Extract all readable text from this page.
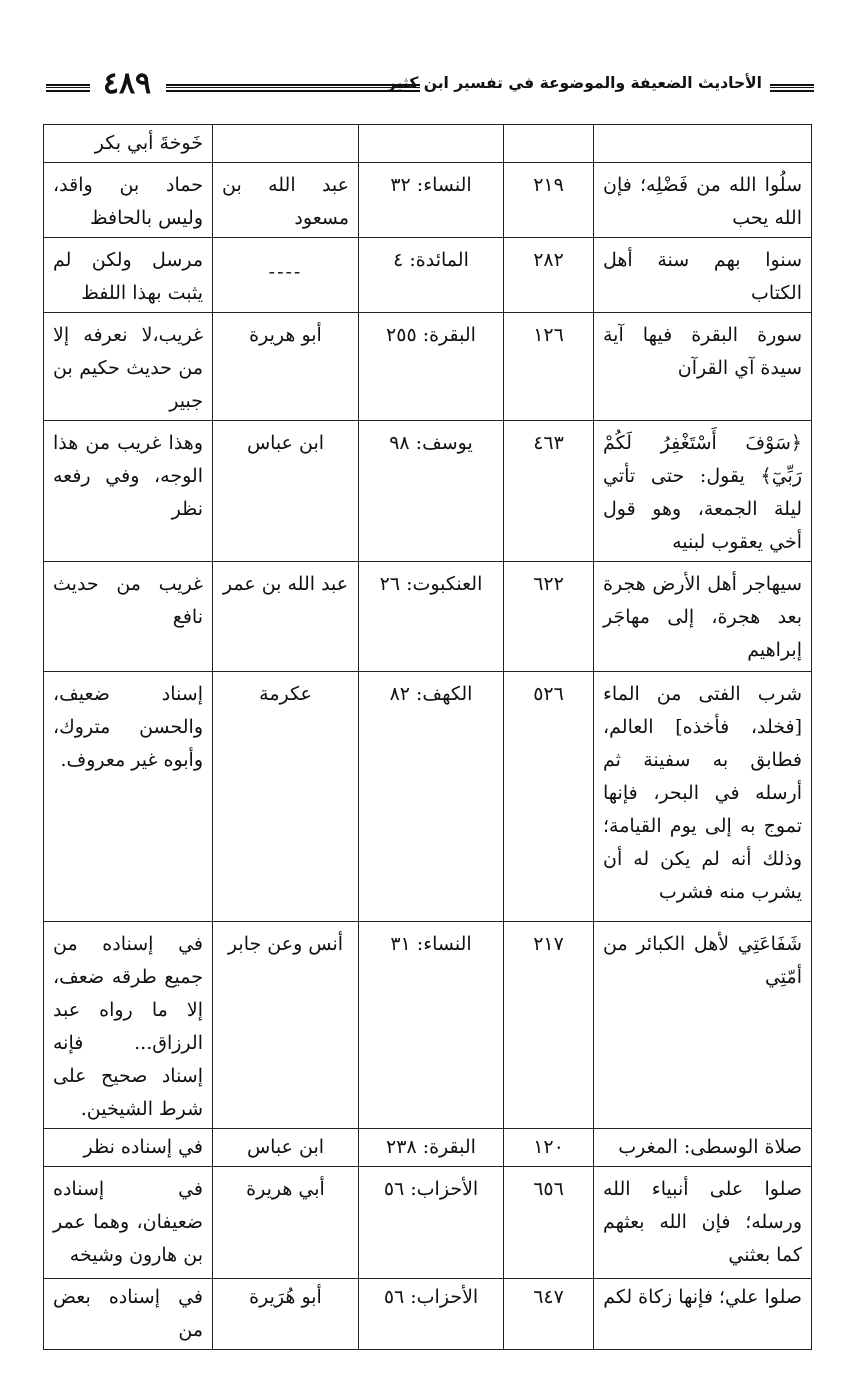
الأحاديث الضعيفة والموضوعة في تفسير ابن كثير
٤٨٩
				خَوخةَ أبي بكر
سلُوا الله من فَضْلِه؛ فإن الله يحب	٢١٩	النساء: ٣٢	عبد الله بن مسعود	حماد بن واقد، وليس بالحافظ
سنوا بهم سنة أهل الكتاب	٢٨٢	المائدة: ٤	----	مرسل ولكن لم يثبت بهذا اللفظ
سورة البقرة فيها آية سيدة آي القرآن	١٢٦	البقرة: ٢٥٥	أبو هريرة	غريب،لا نعرفه إلا من حديث حكيم بن جبير
﴿سَوْفَ أَسْتَغْفِرُ لَكُمْ رَبِّيٓ﴾ يقول: حتى تأتي ليلة الجمعة، وهو قول أخي يعقوب لبنيه	٤٦٣	يوسف: ٩٨	ابن عباس	وهذا غريب من هذا الوجه، وفي رفعه نظر
سيهاجر أهل الأرض هجرة بعد هجرة، إلى مهاجَر إبراهيم	٦٢٢	العنكبوت: ٢٦	عبد الله بن عمر	غريب من حديث نافع
شرب الفتى من الماء [فخلد، فأخذه] العالم، فطابق به سفينة ثم أرسله في البحر، فإنها تموج به إلى يوم القيامة؛ وذلك أنه لم يكن له أن يشرب منه فشرب	٥٢٦	الكهف: ٨٢	عكرمة	إسناد ضعيف، والحسن متروك، وأبوه غير معروف.
شَفَاعَتِي لأهل الكبائر من أمّتِي	٢١٧	النساء: ٣١	أنس وعن جابر	في إسناده من جميع طرقه ضعف، إلا ما رواه عبد الرزاق... فإنه إسناد صحيح على شرط الشيخين.
صلاة الوسطى: المغرب	١٢٠	البقرة: ٢٣٨	ابن عباس	في إسناده نظر
صلوا على أنبياء الله ورسله؛ فإن الله بعثهم كما بعثني	٦٥٦	الأحزاب: ٥٦	أبي هريرة	في إسناده ضعيفان، وهما عمر بن هارون وشيخه
صلوا علي؛ فإنها زكاة لكم	٦٤٧	الأحزاب: ٥٦	أبو هُرَيرة	في إسناده بعض من
